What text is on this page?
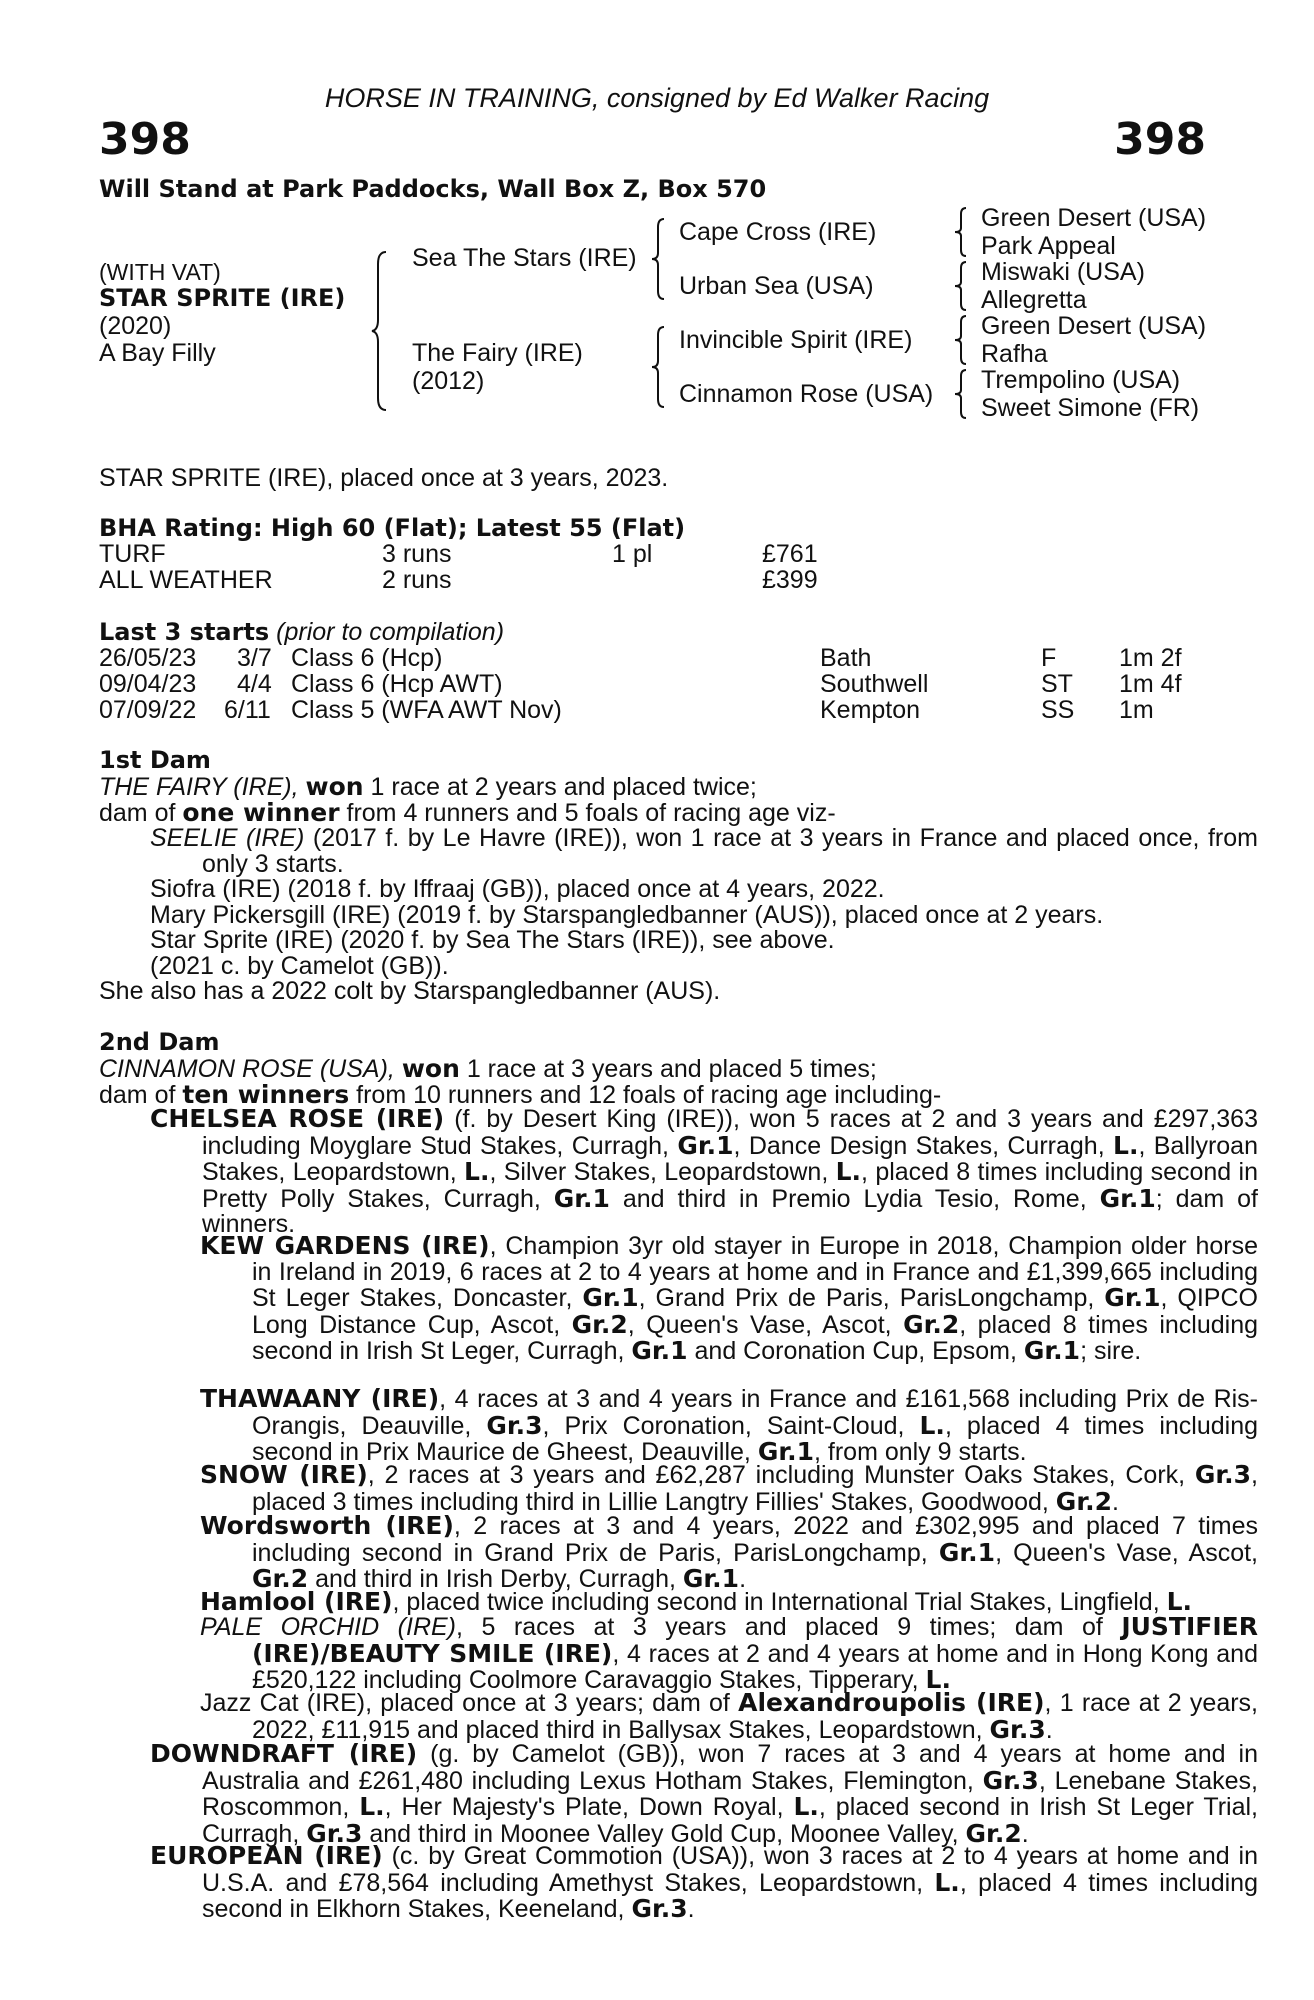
HORSE IN TRAINING, consigned by Ed Walker Racing
398	398
Will Stand at Park Paddocks, Wall Box Z, Box 570
(WITH VAT)
STAR SPRITE (IRE)
(2020)
A Bay Filly
Sea The Stars (IRE)
The Fairy (IRE)
(2012)
Cape Cross (IRE)
Urban Sea (USA)
Invincible Spirit (IRE)
Cinnamon Rose (USA)
Green Desert (USA)
Park Appeal
Miswaki (USA)
Allegretta
Green Desert (USA)
Rafha
Trempolino (USA)
Sweet Simone (FR)
STAR SPRITE (IRE), placed once at 3 years, 2023.
BHA Rating: High 60 (Flat); Latest 55 (Flat)
TURF	3 runs	1 pl	£761
ALL WEATHER	2 runs	£399
Last 3 starts (prior to compilation)
26/05/23 3/7 Class 6 (Hcp)	Bath	F	1m 2f
09/04/23 4/4 Class 6 (Hcp AWT)	Southwell	ST 1m 4f
07/09/22 6/11 Class 5 (WFA AWT Nov)	Kempton	SS 1m
1st Dam
THE FAIRY (IRE), won 1 race at 2 years and placed twice;
dam of one winner from 4 runners and 5 foals of racing age viz-
SEELIE (IRE) (2017 f. by Le Havre (IRE)), won 1 race at 3 years in France and placed once, from only 3 starts.
Siofra (IRE) (2018 f. by Iffraaj (GB)), placed once at 4 years, 2022.
Mary Pickersgill (IRE) (2019 f. by Starspangledbanner (AUS)), placed once at 2 years.
Star Sprite (IRE) (2020 f. by Sea The Stars (IRE)), see above.
(2021 c. by Camelot (GB)).
She also has a 2022 colt by Starspangledbanner (AUS).
2nd Dam
CINNAMON ROSE (USA), won 1 race at 3 years and placed 5 times;
dam of ten winners from 10 runners and 12 foals of racing age including-
CHELSEA ROSE (IRE) (f. by Desert King (IRE)), won 5 races at 2 and 3 years and £297,363 including Moyglare Stud Stakes, Curragh, Gr.1, Dance Design Stakes, Curragh, L., Ballyroan Stakes, Leopardstown, L., Silver Stakes, Leopardstown, L., placed 8 times including second in Pretty Polly Stakes, Curragh, Gr.1 and third in Premio Lydia Tesio, Rome, Gr.1; dam of winners.
KEW GARDENS (IRE), Champion 3yr old stayer in Europe in 2018, Champion older horse in Ireland in 2019, 6 races at 2 to 4 years at home and in France and £1,399,665 including St Leger Stakes, Doncaster, Gr.1, Grand Prix de Paris, ParisLongchamp, Gr.1, QIPCO Long Distance Cup, Ascot, Gr.2, Queen's Vase, Ascot, Gr.2, placed 8 times including second in Irish St Leger, Curragh, Gr.1 and Coronation Cup, Epsom, Gr.1; sire.
THAWAANY (IRE), 4 races at 3 and 4 years in France and £161,568 including Prix de Ris-Orangis, Deauville, Gr.3, Prix Coronation, Saint-Cloud, L., placed 4 times including second in Prix Maurice de Gheest, Deauville, Gr.1, from only 9 starts.
SNOW (IRE), 2 races at 3 years and £62,287 including Munster Oaks Stakes, Cork, Gr.3, placed 3 times including third in Lillie Langtry Fillies' Stakes, Goodwood, Gr.2.
Wordsworth (IRE), 2 races at 3 and 4 years, 2022 and £302,995 and placed 7 times including second in Grand Prix de Paris, ParisLongchamp, Gr.1, Queen's Vase, Ascot, Gr.2 and third in Irish Derby, Curragh, Gr.1.
Hamlool (IRE), placed twice including second in International Trial Stakes, Lingfield, L.
PALE ORCHID (IRE), 5 races at 3 years and placed 9 times; dam of JUSTIFIER (IRE)/BEAUTY SMILE (IRE), 4 races at 2 and 4 years at home and in Hong Kong and £520,122 including Coolmore Caravaggio Stakes, Tipperary, L.
Jazz Cat (IRE), placed once at 3 years; dam of Alexandroupolis (IRE), 1 race at 2 years, 2022, £11,915 and placed third in Ballysax Stakes, Leopardstown, Gr.3.
DOWNDRAFT (IRE) (g. by Camelot (GB)), won 7 races at 3 and 4 years at home and in Australia and £261,480 including Lexus Hotham Stakes, Flemington, Gr.3, Lenebane Stakes, Roscommon, L., Her Majesty's Plate, Down Royal, L., placed second in Irish St Leger Trial, Curragh, Gr.3 and third in Moonee Valley Gold Cup, Moonee Valley, Gr.2.
EUROPEAN (IRE) (c. by Great Commotion (USA)), won 3 races at 2 to 4 years at home and in U.S.A. and £78,564 including Amethyst Stakes, Leopardstown, L., placed 4 times including second in Elkhorn Stakes, Keeneland, Gr.3.
